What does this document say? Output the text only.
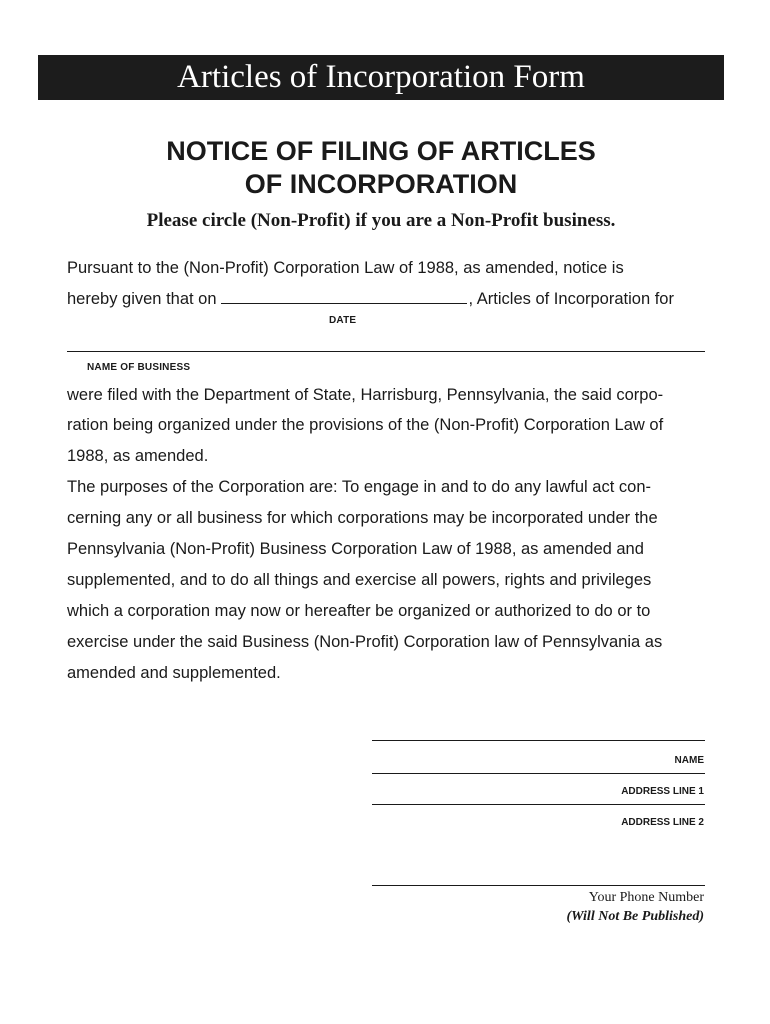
Articles of Incorporation Form
NOTICE OF FILING OF ARTICLES
OF INCORPORATION
Please circle (Non-Profit) if you are a Non-Profit business.
Pursuant to the (Non-Profit) Corporation Law of 1988, as amended, notice is
hereby given that on	, Articles of Incorporation for
DATE
NAME OF BUSINESS
were filed with the Department of State, Harrisburg, Pennsylvania, the said corpo-
ration being organized under the provisions of the (Non-Profit) Corporation Law of
1988, as amended.
The purposes of the Corporation are: To engage in and to do any lawful act con-
cerning any or all business for which corporations may be incorporated under the
Pennsylvania (Non-Profit) Business Corporation Law of 1988, as amended and
supplemented, and to do all things and exercise all powers, rights and privileges
which a corporation may now or hereafter be organized or authorized to do or to
exercise under the said Business (Non-Profit) Corporation law of Pennsylvania as
amended and supplemented.
NAME
ADDRESS LINE 1
ADDRESS LINE 2
Your Phone Number
(Will Not Be Published)
